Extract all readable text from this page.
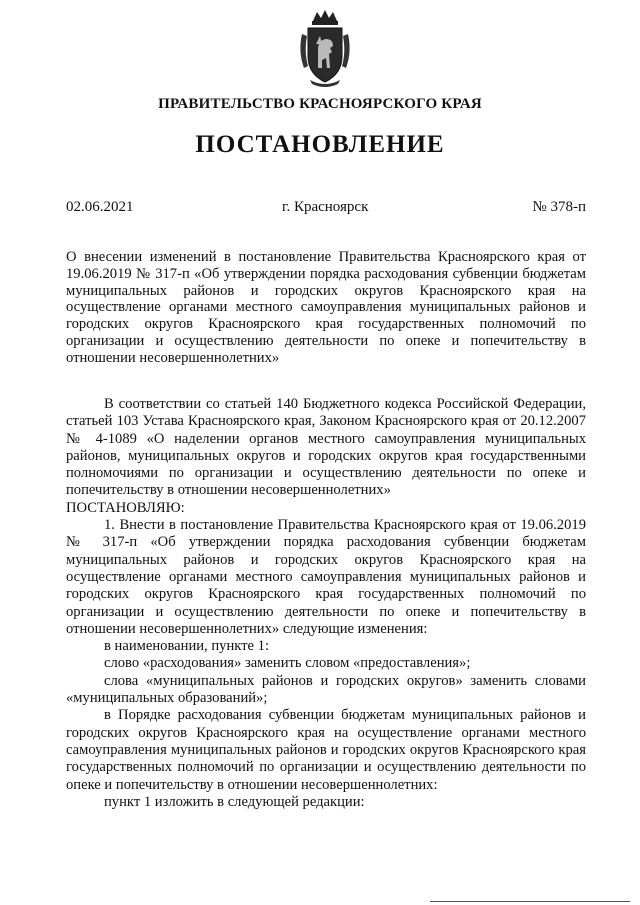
ПРАВИТЕЛЬСТВО КРАСНОЯРСКОГО КРАЯ
ПОСТАНОВЛЕНИЕ
02.06.2021	г. Красноярск	№ 378-п
О внесении изменений в постановление Правительства Красноярского края от 19.06.2019 № 317-п «Об утверждении порядка расходования субвенции бюджетам муниципальных районов и городских округов Красноярского края на осуществление органами местного самоуправления муниципальных районов и городских округов Красноярского края государственных полномочий по организации и осуществлению деятельности по опеке и попечительству в отношении несовершеннолетних»

В соответствии со статьей 140 Бюджетного кодекса Российской Федерации, статьей 103 Устава Красноярского края, Законом Красноярского края от 20.12.2007 № 4-1089 «О наделении органов местного самоуправления муниципальных районов, муниципальных округов и городских округов края государственными полномочиями по организации и осуществлению деятельности по опеке и попечительству в отношении несовершеннолетних»

ПОСТАНОВЛЯЮ:

1. Внести в постановление Правительства Красноярского края от 19.06.2019 № 317-п «Об утверждении порядка расходования субвенции бюджетам муниципальных районов и городских округов Красноярского края на осуществление органами местного самоуправления муниципальных районов и городских округов Красноярского края государственных полномочий по организации и осуществлению деятельности по опеке и попечительству в отношении несовершеннолетних» следующие изменения:

в наименовании, пункте 1:

слово «расходования» заменить словом «предоставления»;

слова «муниципальных районов и городских округов» заменить словами «муниципальных образований»;

в Порядке расходования субвенции бюджетам муниципальных районов и городских округов Красноярского края на осуществление органами местного самоуправления муниципальных районов и городских округов Красноярского края государственных полномочий по организации и осуществлению деятельности по опеке и попечительству в отношении несовершеннолетних:

пункт 1 изложить в следующей редакции:
